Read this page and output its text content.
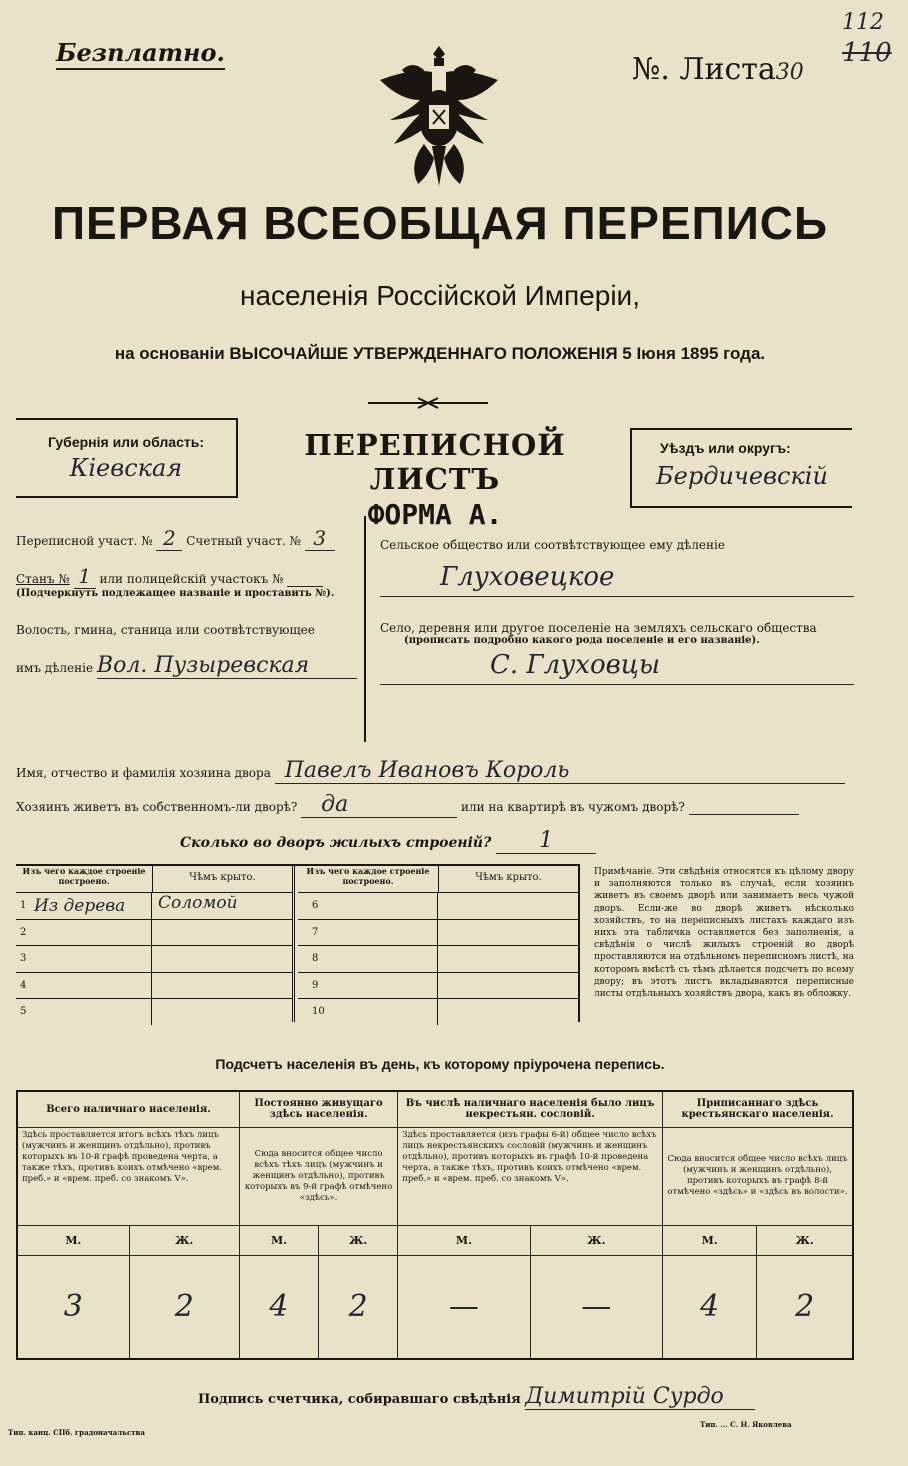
Безплатно.	№. Листа30
112
110
ПЕРВАЯ ВСЕОБЩАЯ ПЕРЕПИСЬ
населенія Россійской Имперіи,
на основаніи ВЫСОЧАЙШЕ УТВЕРЖДЕННАГО ПОЛОЖЕНІЯ 5 Іюня 1895 года.
Губернія или область:
Кіевская
ПЕРЕПИСНОЙ ЛИСТЪ
ФОРМА А.
Уѣздъ или округъ:
Бердичевскій
Переписной участ. № 2 Счетный участ. № 3
Станъ № 1 или полицейскій участокъ №
(Подчеркнуть подлежащее названіе и проставить №).
Волость, гмина, станица или соотвѣтствующее
имъ дѣленіе Вол. Пузыревская
Сельское общество или соотвѣтствующее ему дѣленіе
Глуховецкое
Село, деревня или другое поселеніе на земляхъ сельскаго общества
(прописать подробно какого рода поселеніе и его названіе).
С. Глуховцы
Имя, отчество и фамилія хозяина двора Павелъ Ивановъ Король
Хозяинъ живетъ въ собственномъ-ли дворѣ? да	или на квартирѣ въ чужомъ дворѣ?
Сколько во дворъ жилыхъ строеній? 1
Изъ чего каждое строеніе построено.	Чѣмъ крыто.
1 Из дерева	Соломой
2
3
4
5
Изъ чего каждое строеніе построено.	Чѣмъ крыто.
6
7
8
9
10
Примѣчаніе. Эти свѣдѣнія относятся къ цѣлому двору и заполняются только въ случаѣ, если хозяинъ живетъ въ своемъ дворѣ или занимаетъ весь чужой дворъ. Если-же во дворѣ живетъ нѣсколько хозяйствъ, то на переписныхъ листахъ каждаго изъ нихъ эта табличка оставляется без заполненія, а свѣдѣнія о числѣ жилыхъ строеній во дворѣ проставляются на отдѣльномъ переписномъ листѣ, на которомъ вмѣстѣ съ тѣмъ дѣлается подсчетъ по всему двору; въ этотъ листъ вкладываются переписные листы отдѣльныхъ хозяйствъ двора, какъ въ обложку.
Подсчетъ населенія въ день, къ которому пріурочена перепись.
Всего наличнаго населенія.		Постоянно живущаго здѣсь населенія.		Въ числѣ наличнаго населенія было лицъ некрестьян. сословій.		Приписаннаго здѣсь крестьянскаго населенія.	
Здѣсь проставляется итогъ всѣхъ тѣхъ лицъ (мужчинъ и женщинъ отдѣльно), противъ которыхъ въ 10-й графѣ проведена черта, а также тѣхъ, противъ коихъ отмѣчено «врем. преб.» и «врем. преб. со знакомъ V».		Сюда вносится общее число всѣхъ тѣхъ лицъ (мужчинъ и женщинъ отдѣльно), противъ которыхъ въ 9-й графѣ отмѣчено «здѣсь».		Здѣсь проставляется (изъ графы 6-й) общее число всѣхъ лицъ некрестьянскихъ сословій (мужчинъ и женщинъ отдѣльно), противъ которыхъ въ графѣ 10-й проведена черта, а также тѣхъ, противъ коихъ отмѣчено «врем. преб.» и «врем. преб. со знакомъ V».		Сюда вносится общее число всѣхъ лицъ (мужчинъ и женщинъ отдѣльно), противъ которыхъ въ графѣ 8-й отмѣчено «здѣсь» и «здѣсь въ волости».	
М.	Ж.	М.	Ж.	М.	Ж.	М.	Ж.
3	2	4	2	—	—	4	2
Подпись счетчика, собиравшаго свѣдѣнія Димитрій Сурдо
Тип. канц. СПб. градоначальства
Тип. ... С. Н. Яковлева
